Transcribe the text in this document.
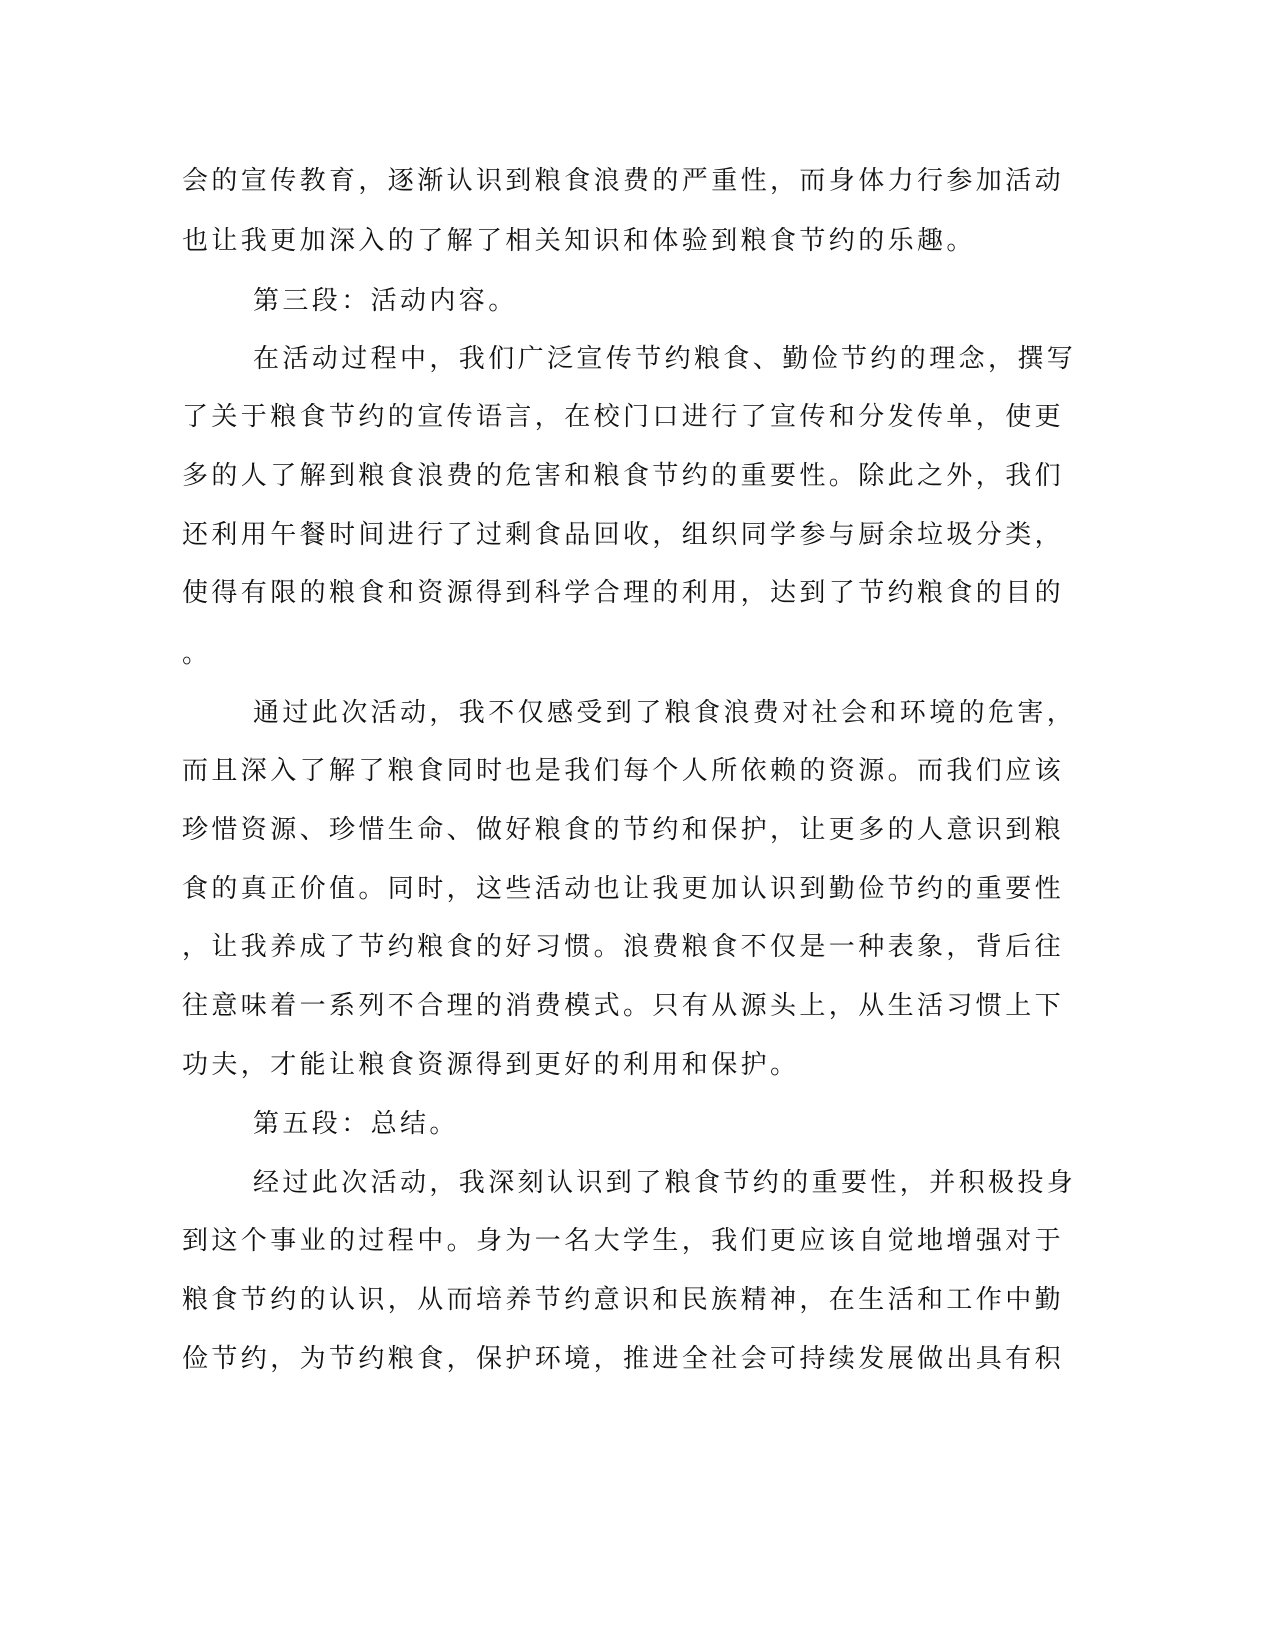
会的宣传教育，逐渐认识到粮食浪费的严重性，而身体力行参加活动
也让我更加深入的了解了相关知识和体验到粮食节约的乐趣。
第三段：活动内容。
在活动过程中，我们广泛宣传节约粮食、勤俭节约的理念，撰写
了关于粮食节约的宣传语言，在校门口进行了宣传和分发传单，使更
多的人了解到粮食浪费的危害和粮食节约的重要性。除此之外，我们
还利用午餐时间进行了过剩食品回收，组织同学参与厨余垃圾分类，
使得有限的粮食和资源得到科学合理的利用，达到了节约粮食的目的
。
通过此次活动，我不仅感受到了粮食浪费对社会和环境的危害，
而且深入了解了粮食同时也是我们每个人所依赖的资源。而我们应该
珍惜资源、珍惜生命、做好粮食的节约和保护，让更多的人意识到粮
食的真正价值。同时，这些活动也让我更加认识到勤俭节约的重要性
，让我养成了节约粮食的好习惯。浪费粮食不仅是一种表象，背后往
往意味着一系列不合理的消费模式。只有从源头上，从生活习惯上下
功夫，才能让粮食资源得到更好的利用和保护。
第五段：总结。
经过此次活动，我深刻认识到了粮食节约的重要性，并积极投身
到这个事业的过程中。身为一名大学生，我们更应该自觉地增强对于
粮食节约的认识，从而培养节约意识和民族精神，在生活和工作中勤
俭节约，为节约粮食，保护环境，推进全社会可持续发展做出具有积
